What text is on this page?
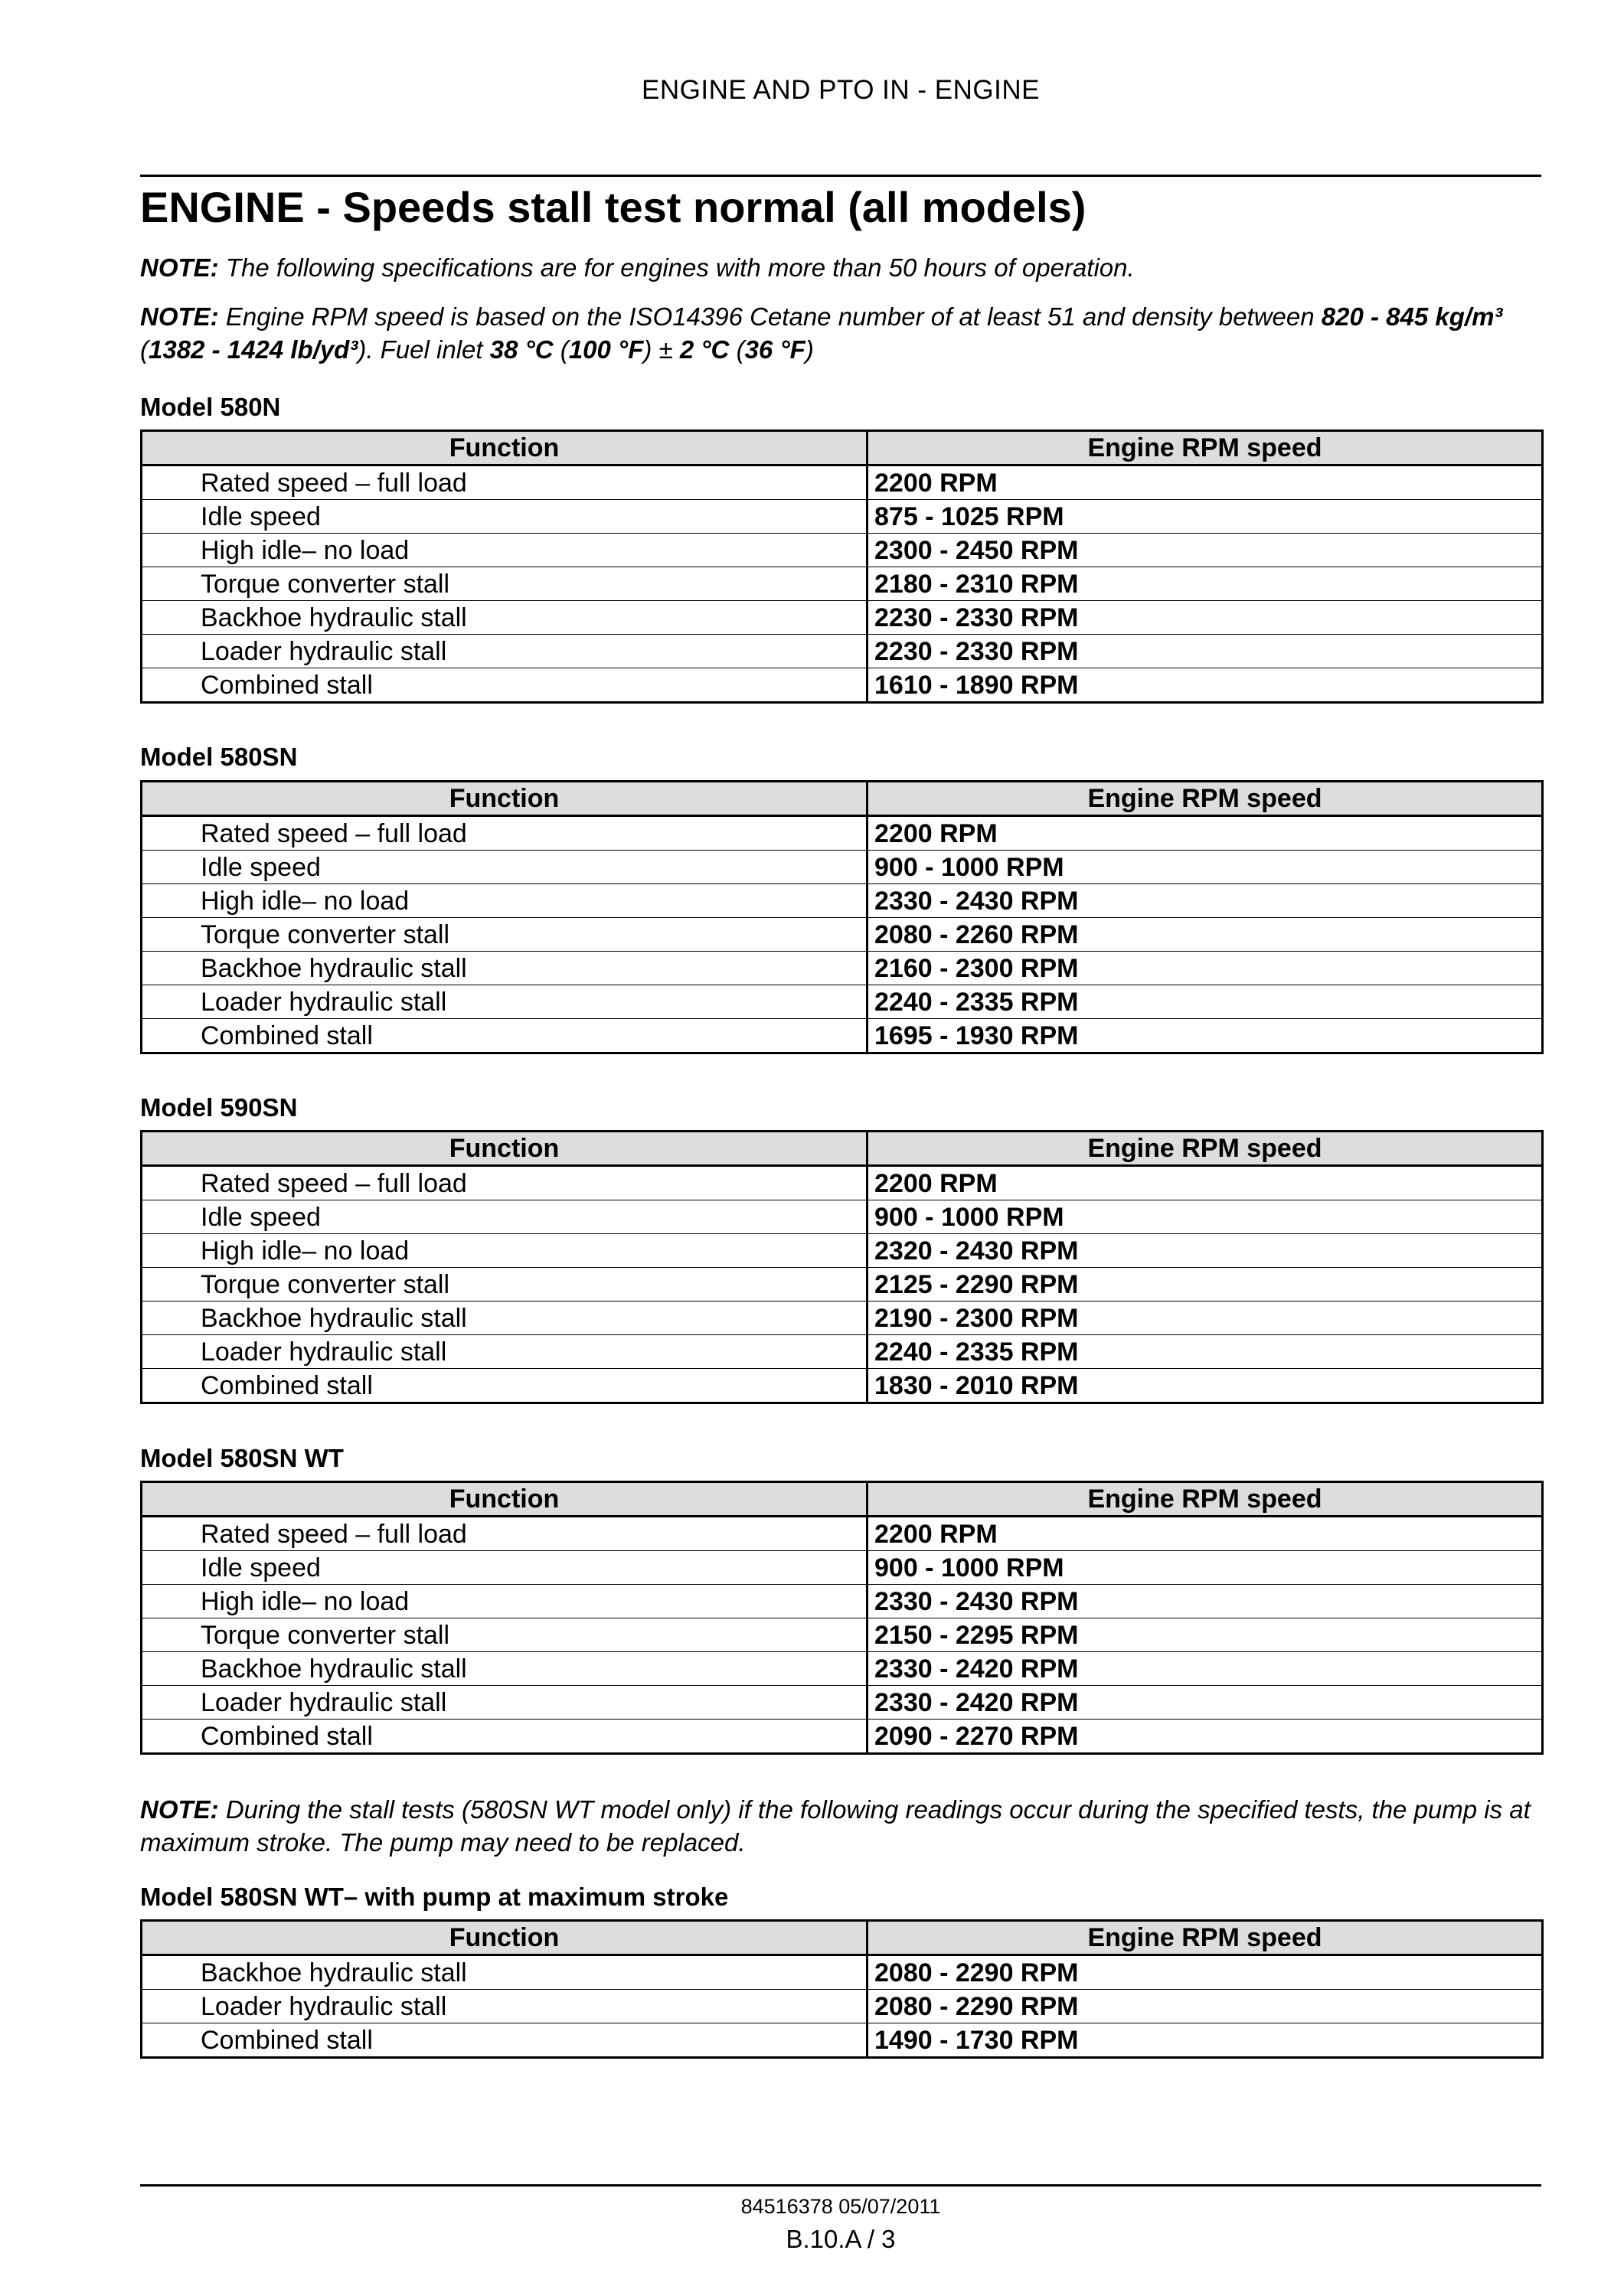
ENGINE AND PTO IN - ENGINE
ENGINE - Speeds stall test normal (all models)

NOTE: The following specifications are for engines with more than 50 hours of operation.

NOTE: Engine RPM speed is based on the ISO14396 Cetane number of at least 51 and density between 820 - 845 kg/m³ (1382 - 1424 lb/yd³). Fuel inlet 38 °C (100 °F) ± 2 °C (36 °F)

Model 580N
Function	Engine RPM speed
Rated speed – full load	2200 RPM
Idle speed	875 - 1025 RPM
High idle– no load	2300 - 2450 RPM
Torque converter stall	2180 - 2310 RPM
Backhoe hydraulic stall	2230 - 2330 RPM
Loader hydraulic stall	2230 - 2330 RPM
Combined stall	1610 - 1890 RPM
Model 580SN
Function	Engine RPM speed
Rated speed – full load	2200 RPM
Idle speed	900 - 1000 RPM
High idle– no load	2330 - 2430 RPM
Torque converter stall	2080 - 2260 RPM
Backhoe hydraulic stall	2160 - 2300 RPM
Loader hydraulic stall	2240 - 2335 RPM
Combined stall	1695 - 1930 RPM
Model 590SN
Function	Engine RPM speed
Rated speed – full load	2200 RPM
Idle speed	900 - 1000 RPM
High idle– no load	2320 - 2430 RPM
Torque converter stall	2125 - 2290 RPM
Backhoe hydraulic stall	2190 - 2300 RPM
Loader hydraulic stall	2240 - 2335 RPM
Combined stall	1830 - 2010 RPM
Model 580SN WT
Function	Engine RPM speed
Rated speed – full load	2200 RPM
Idle speed	900 - 1000 RPM
High idle– no load	2330 - 2430 RPM
Torque converter stall	2150 - 2295 RPM
Backhoe hydraulic stall	2330 - 2420 RPM
Loader hydraulic stall	2330 - 2420 RPM
Combined stall	2090 - 2270 RPM

NOTE: During the stall tests (580SN WT model only) if the following readings occur during the specified tests, the pump is at maximum stroke. The pump may need to be replaced.

Model 580SN WT– with pump at maximum stroke
Function	Engine RPM speed
Backhoe hydraulic stall	2080 - 2290 RPM
Loader hydraulic stall	2080 - 2290 RPM
Combined stall	1490 - 1730 RPM
84516378 05/07/2011
B.10.A / 3
